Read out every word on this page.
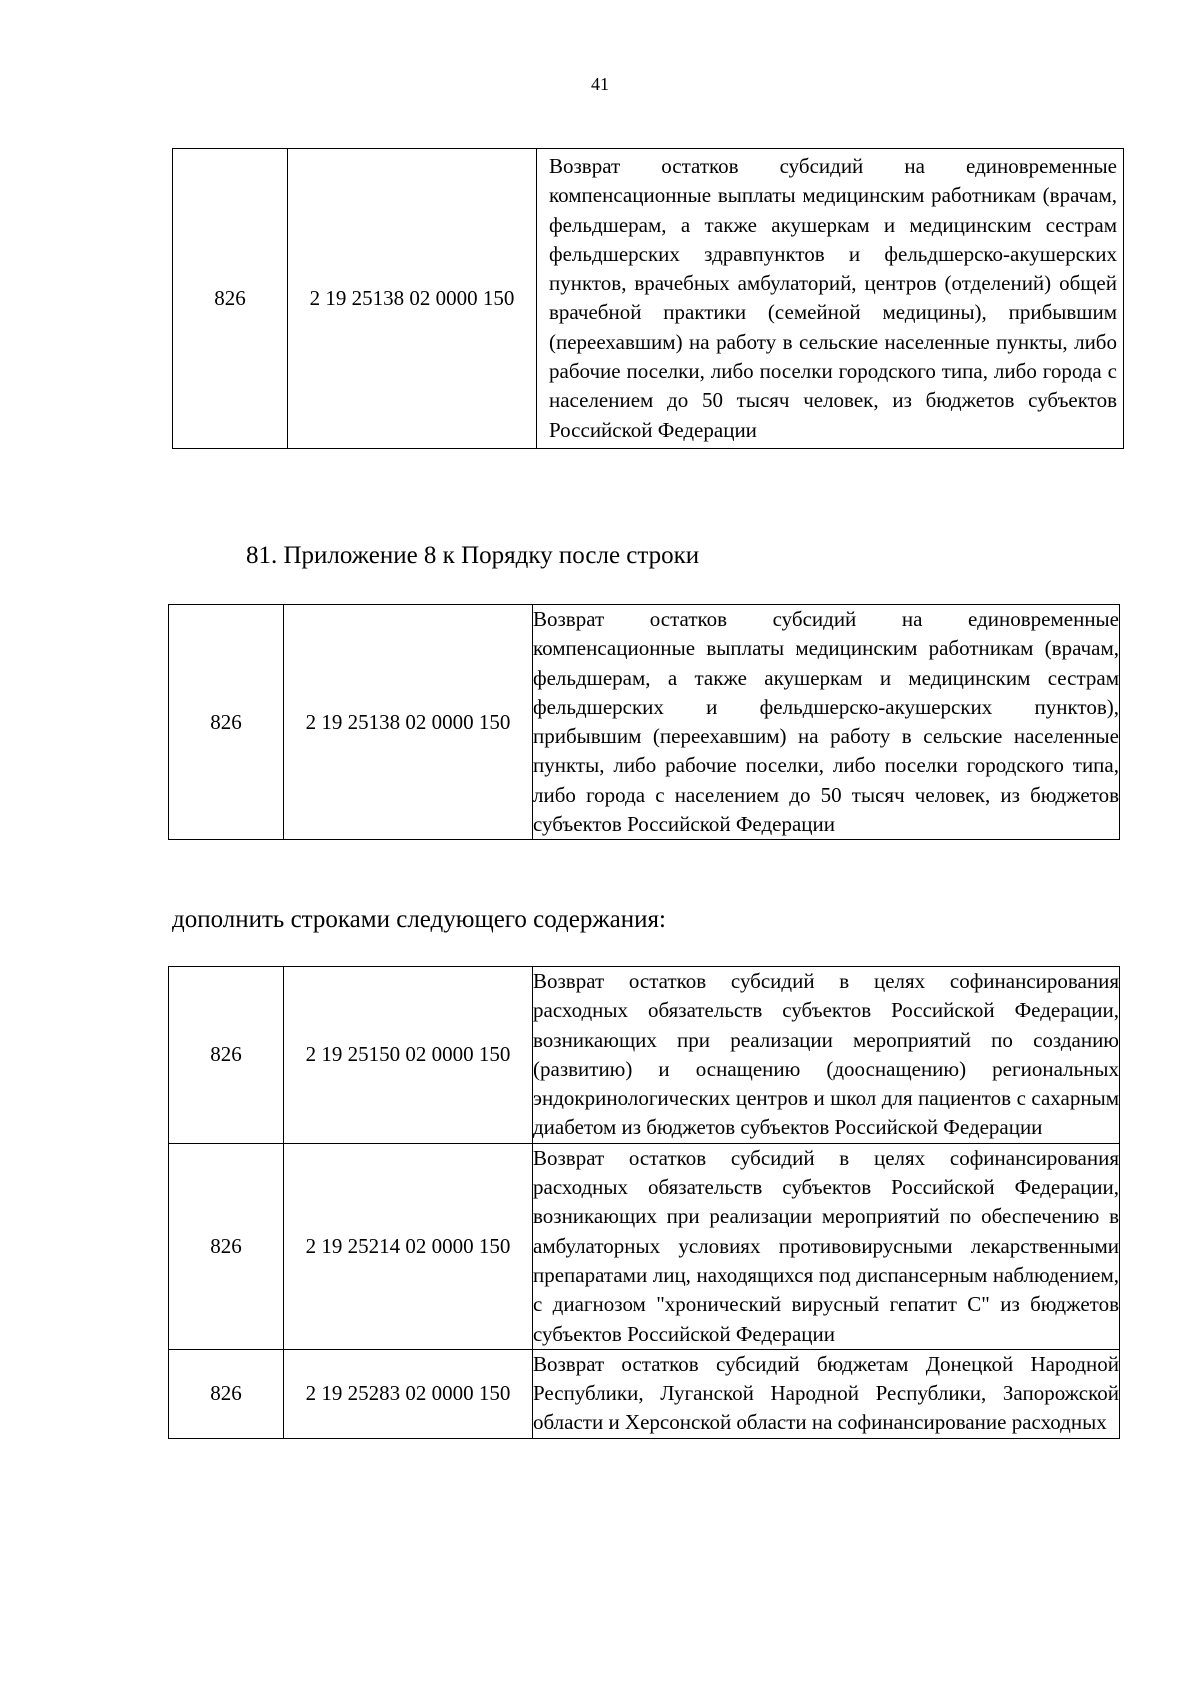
41
826	2 19 25138 02 0000 150	Возврат остатков субсидий на единовременные компенсационные выплаты медицинским работникам (врачам, фельдшерам, а также акушеркам и медицинским сестрам фельдшерских здравпунктов и фельдшерско-акушерских пунктов, врачебных амбулаторий, центров (отделений) общей врачебной практики (семейной медицины), прибывшим (переехавшим) на работу в сельские населенные пункты, либо рабочие поселки, либо поселки городского типа, либо города с населением до 50 тысяч человек, из бюджетов субъектов Российской Федерации
81. Приложение 8 к Порядку после строки
826	2 19 25138 02 0000 150	Возврат остатков субсидий на единовременные компенсационные выплаты медицинским работникам (врачам, фельдшерам, а также акушеркам и медицинским сестрам фельдшерских и фельдшерско-акушерских пунктов), прибывшим (переехавшим) на работу в сельские населенные пункты, либо рабочие поселки, либо поселки городского типа, либо города с населением до 50 тысяч человек, из бюджетов субъектов Российской Федерации
дополнить строками следующего содержания:
826	2 19 25150 02 0000 150	Возврат остатков субсидий в целях софинансирования расходных обязательств субъектов Российской Федерации, возникающих при реализации мероприятий по созданию (развитию) и оснащению (дооснащению) региональных эндокринологических центров и школ для пациентов с сахарным диабетом из бюджетов субъектов Российской Федерации
826	2 19 25214 02 0000 150	Возврат остатков субсидий в целях софинансирования расходных обязательств субъектов Российской Федерации, возникающих при реализации мероприятий по обеспечению в амбулаторных условиях противовирусными лекарственными препаратами лиц, находящихся под диспансерным наблюдением, с диагнозом "хронический вирусный гепатит С" из бюджетов субъектов Российской Федерации
826	2 19 25283 02 0000 150	Возврат остатков субсидий бюджетам Донецкой Народной Республики, Луганской Народной Республики, Запорожской области и Херсонской области на софинансирование расходных
